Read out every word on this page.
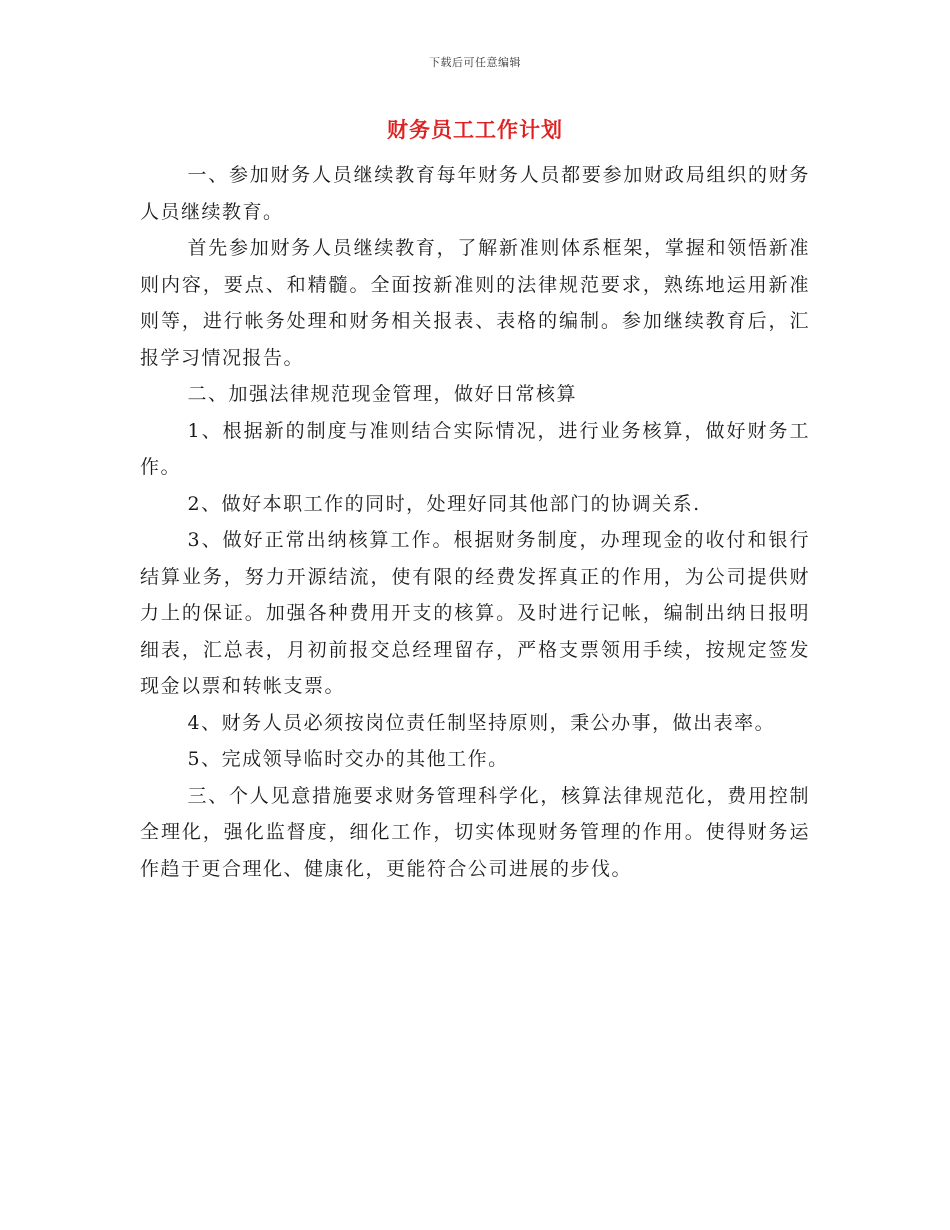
下载后可任意编辑
财务员工工作计划

一、参加财务人员继续教育每年财务人员都要参加财政局组织的财务人员继续教育。

首先参加财务人员继续教育，了解新准则体系框架，掌握和领悟新准则内容，要点、和精髓。全面按新准则的法律规范要求，熟练地运用新准则等，进行帐务处理和财务相关报表、表格的编制。参加继续教育后，汇报学习情况报告。

二、加强法律规范现金管理，做好日常核算

1、根据新的制度与准则结合实际情况，进行业务核算，做好财务工作。

2、做好本职工作的同时，处理好同其他部门的协调关系.

3、做好正常出纳核算工作。根据财务制度，办理现金的收付和银行结算业务，努力开源结流，使有限的经费发挥真正的作用，为公司提供财力上的保证。加强各种费用开支的核算。及时进行记帐，编制出纳日报明细表，汇总表，月初前报交总经理留存，严格支票领用手续，按规定签发现金以票和转帐支票。

4、财务人员必须按岗位责任制坚持原则，秉公办事，做出表率。

5、完成领导临时交办的其他工作。

三、个人见意措施要求财务管理科学化，核算法律规范化，费用控制全理化，强化监督度，细化工作，切实体现财务管理的作用。使得财务运作趋于更合理化、健康化，更能符合公司进展的步伐。
